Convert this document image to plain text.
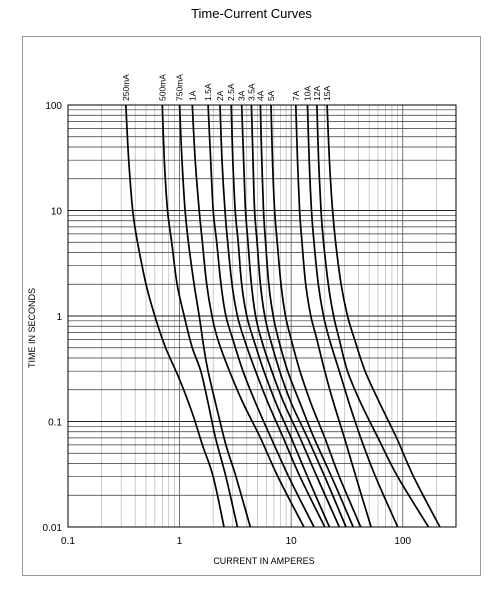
Time-Current Curves
0.1	1	10	100
0.01
0.1
1
10
100
250mA	500mA 750mA 1A 1.5A 2A 2.5A 3A 3.5A 4A 5A 7A 10A 12A 15A
CURRENT IN AMPERES
TIME IN SECONDS
